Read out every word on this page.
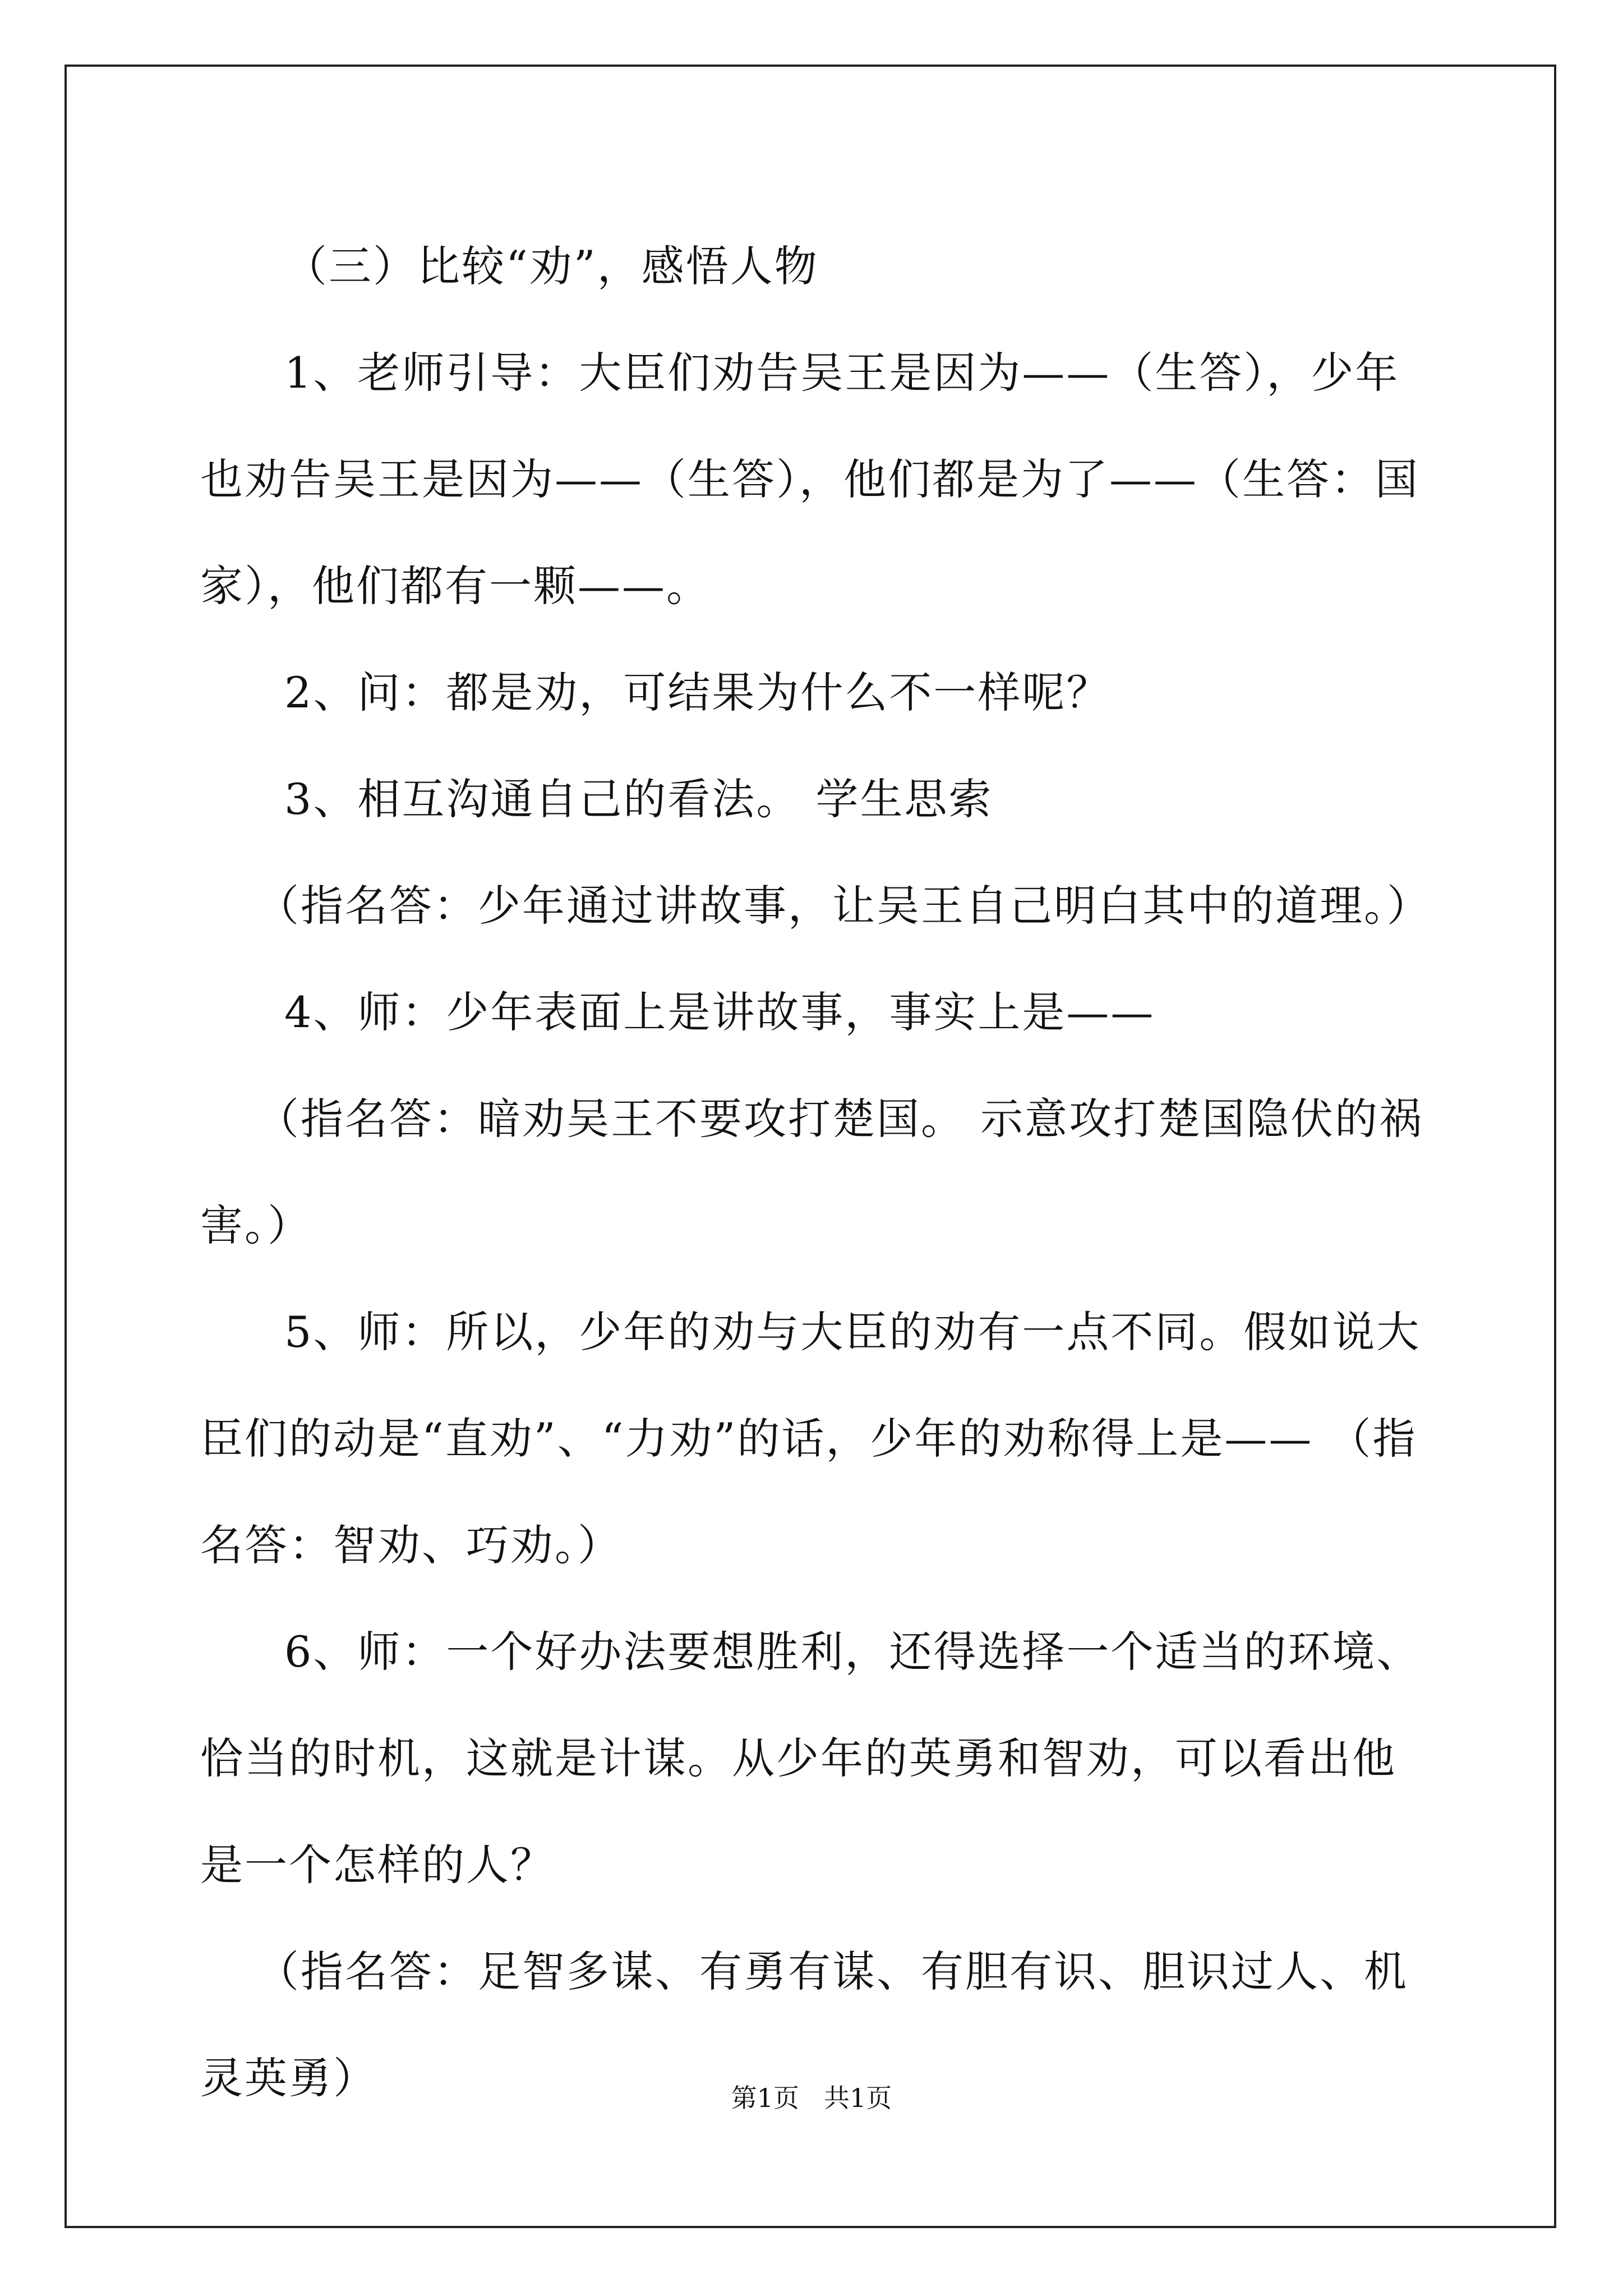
（三）比较“劝”，感悟人物

1、老师引导：大臣们劝告吴王是因为——（生答），少年也劝告吴王是因为——（生答），他们都是为了——（生答：国家），他们都有一颗——。

2、问：都是劝，可结果为什么不一样呢？

3、相互沟通自己的看法。 学生思索

（指名答：少年通过讲故事，让吴王自己明白其中的道理。）

4、师：少年表面上是讲故事，事实上是——

（指名答：暗劝吴王不要攻打楚国。 示意攻打楚国隐伏的祸害。）

5、师：所以，少年的劝与大臣的劝有一点不同。假如说大臣们的动是“直劝”、“力劝”的话，少年的劝称得上是—— （指名答：智劝、巧劝。）

6、师：一个好办法要想胜利，还得选择一个适当的环境、恰当的时机，这就是计谋。从少年的英勇和智劝，可以看出他是一个怎样的人？

（指名答：足智多谋、有勇有谋、有胆有识、胆识过人、机灵英勇）	第1页 共1页
